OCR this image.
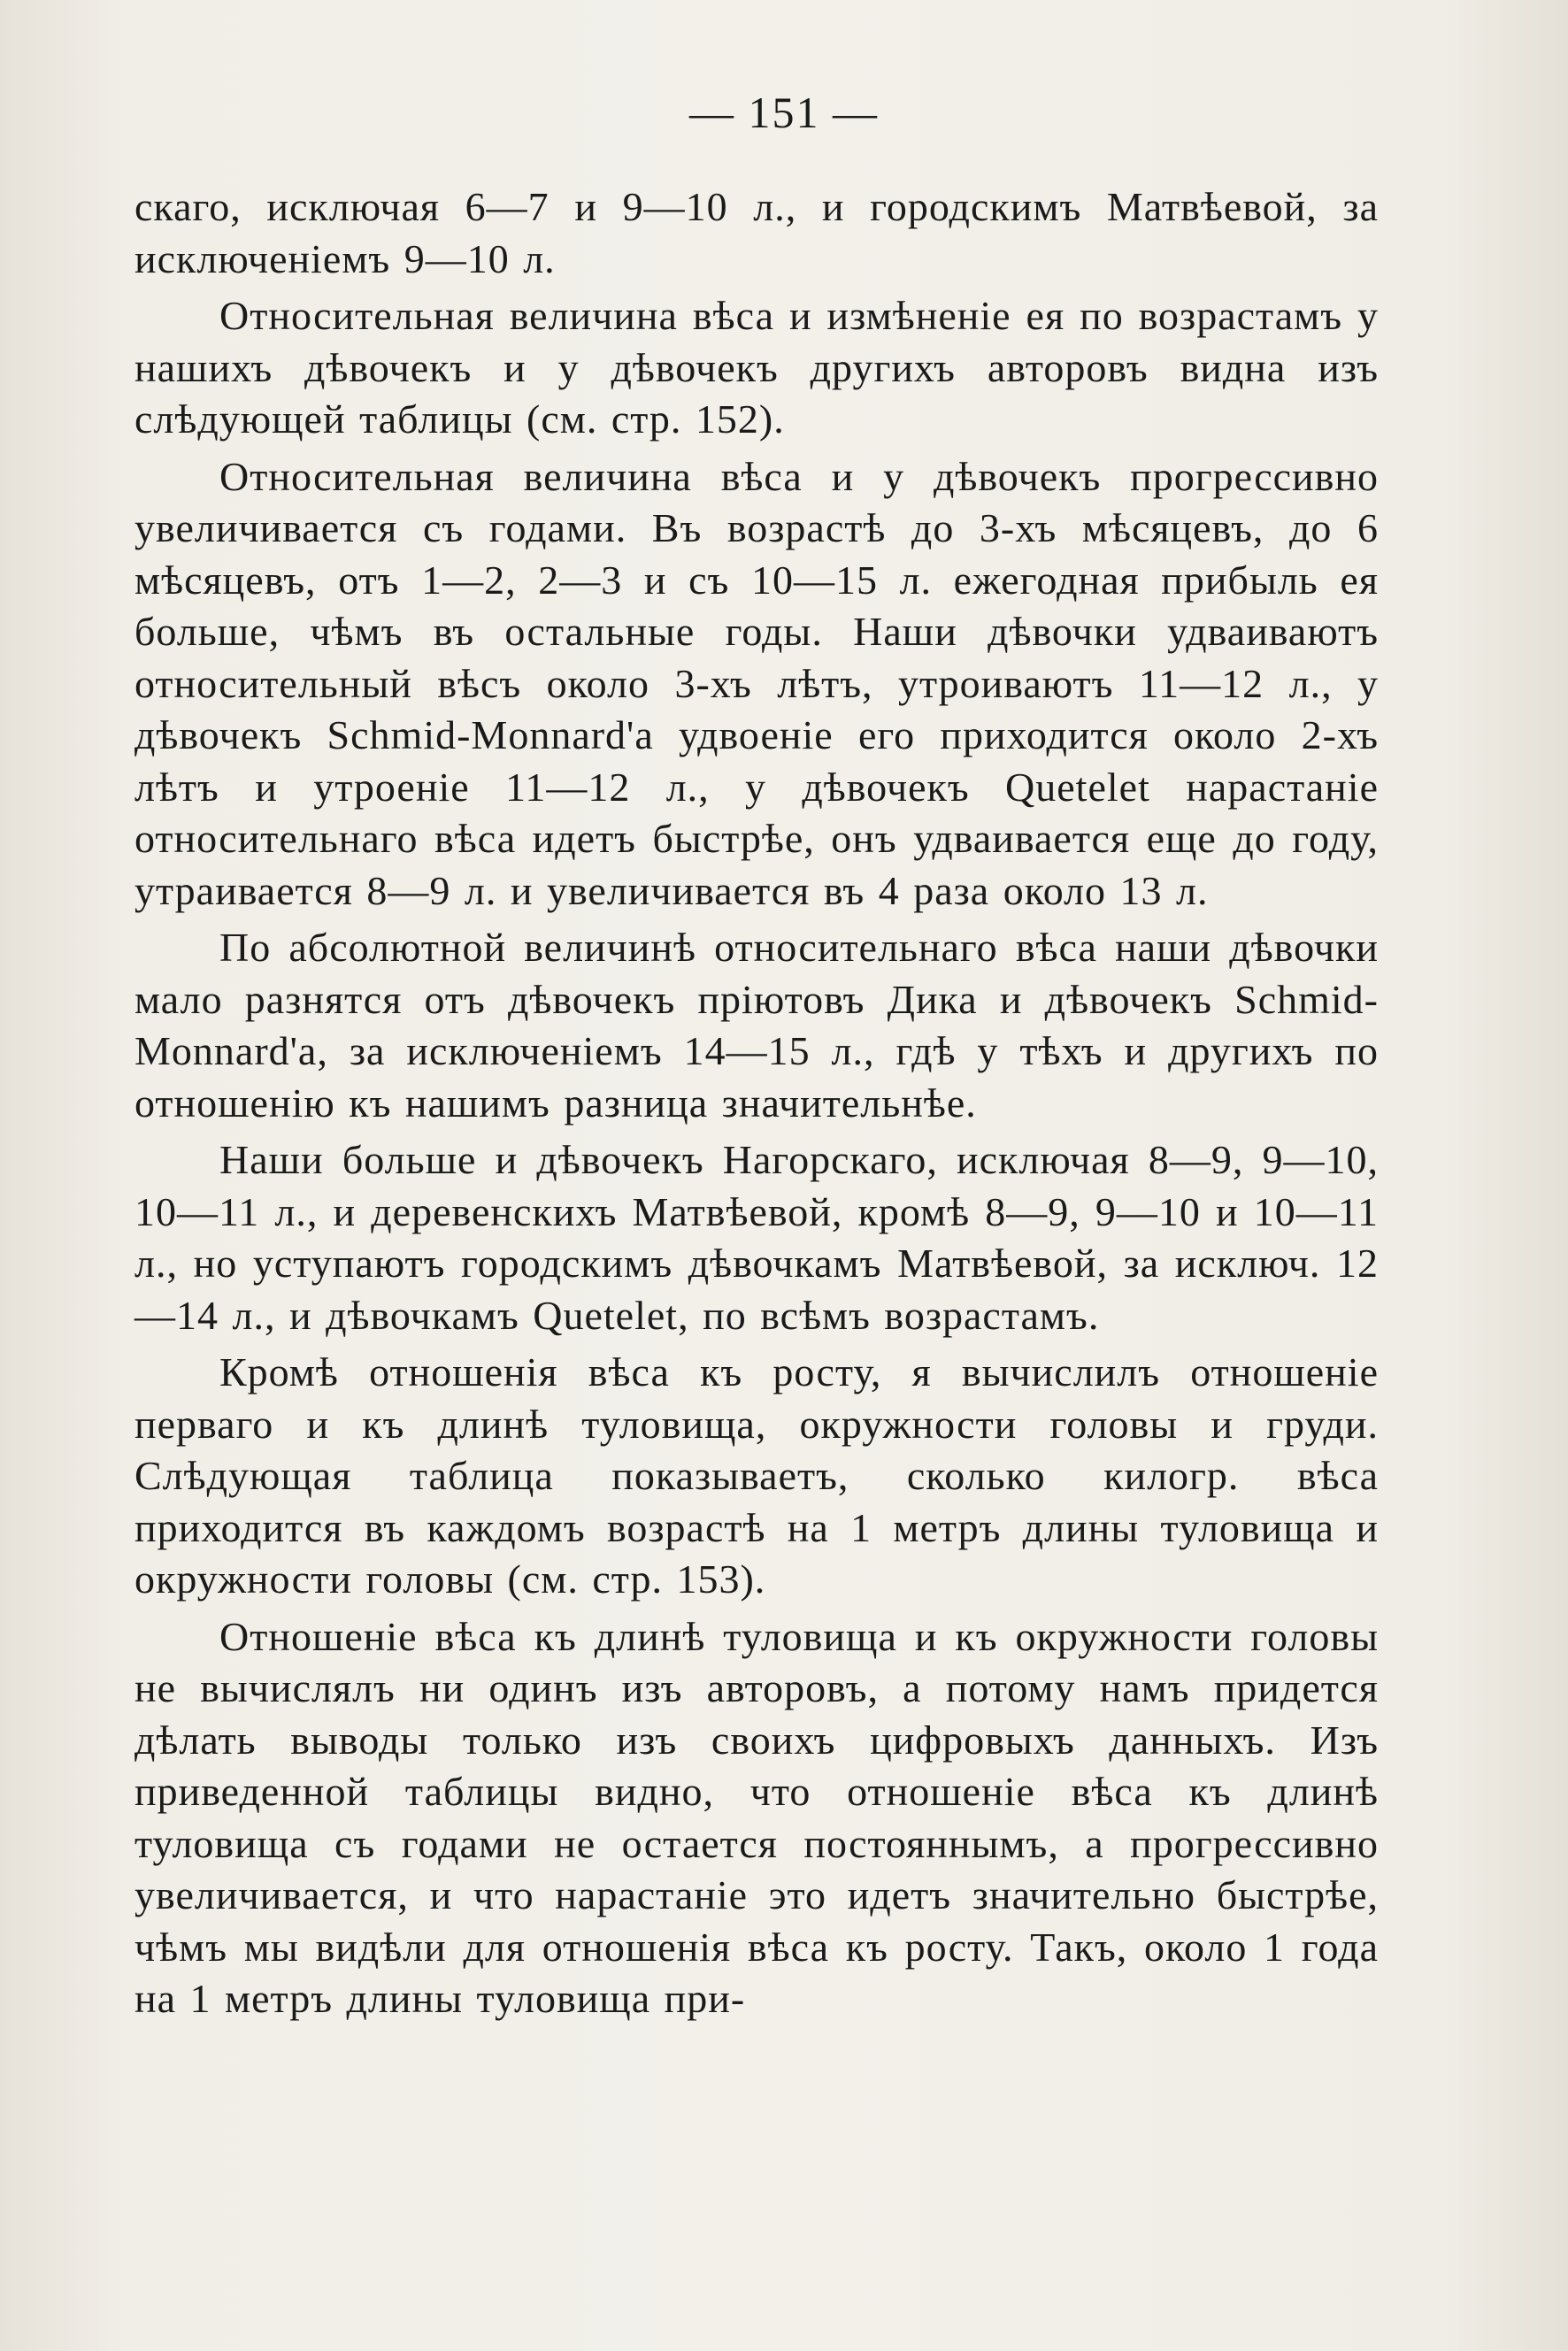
— 151 —

скаго, исключая 6—7 и 9—10 л., и городскимъ Матвѣевой, за исключеніемъ 9—10 л.

Относительная величина вѣса и измѣненіе ея по возрастамъ у нашихъ дѣвочекъ и у дѣвочекъ другихъ авторовъ видна изъ слѣдующей таблицы (см. стр. 152).

Относительная величина вѣса и у дѣвочекъ прогрессивно увеличивается съ годами. Въ возрастѣ до 3-хъ мѣсяцевъ, до 6 мѣсяцевъ, отъ 1—2, 2—3 и съ 10—15 л. ежегодная прибыль ея больше, чѣмъ въ остальные годы. Наши дѣвочки удваиваютъ относительный вѣсъ около 3-хъ лѣтъ, утроиваютъ 11—12 л., у дѣвочекъ Schmid-Monnard'а удвоеніе его приходится около 2-хъ лѣтъ и утроеніе 11—12 л., у дѣвочекъ Quetelet нарастаніе относительнаго вѣса идетъ быстрѣе, онъ удваивается еще до году, утраивается 8—9 л. и увеличивается въ 4 раза около 13 л.

По абсолютной величинѣ относительнаго вѣса наши дѣвочки мало разнятся отъ дѣвочекъ пріютовъ Дика и дѣвочекъ Schmid-Monnard'а, за исключеніемъ 14—15 л., гдѣ у тѣхъ и другихъ по отношенію къ нашимъ разница значительнѣе.

Наши больше и дѣвочекъ Нагорскаго, исключая 8—9, 9—10, 10—11 л., и деревенскихъ Матвѣевой, кромѣ 8—9, 9—10 и 10—11 л., но уступаютъ городскимъ дѣвочкамъ Матвѣевой, за исключ. 12—14 л., и дѣвочкамъ Quetelet, по всѣмъ возрастамъ.

Кромѣ отношенія вѣса къ росту, я вычислилъ отношеніе перваго и къ длинѣ туловища, окружности головы и груди. Слѣдующая таблица показываетъ, сколько килогр. вѣса приходится въ каждомъ возрастѣ на 1 метръ длины туловища и окружности головы (см. стр. 153).

Отношеніе вѣса къ длинѣ туловища и къ окружности головы не вычислялъ ни одинъ изъ авторовъ, а потому намъ придется дѣлать выводы только изъ своихъ цифровыхъ данныхъ. Изъ приведенной таблицы видно, что отношеніе вѣса къ длинѣ туловища съ годами не остается постояннымъ, а прогрессивно увеличивается, и что нарастаніе это идетъ значительно быстрѣе, чѣмъ мы видѣли для отношенія вѣса къ росту. Такъ, около 1 года на 1 метръ длины туловища при-
